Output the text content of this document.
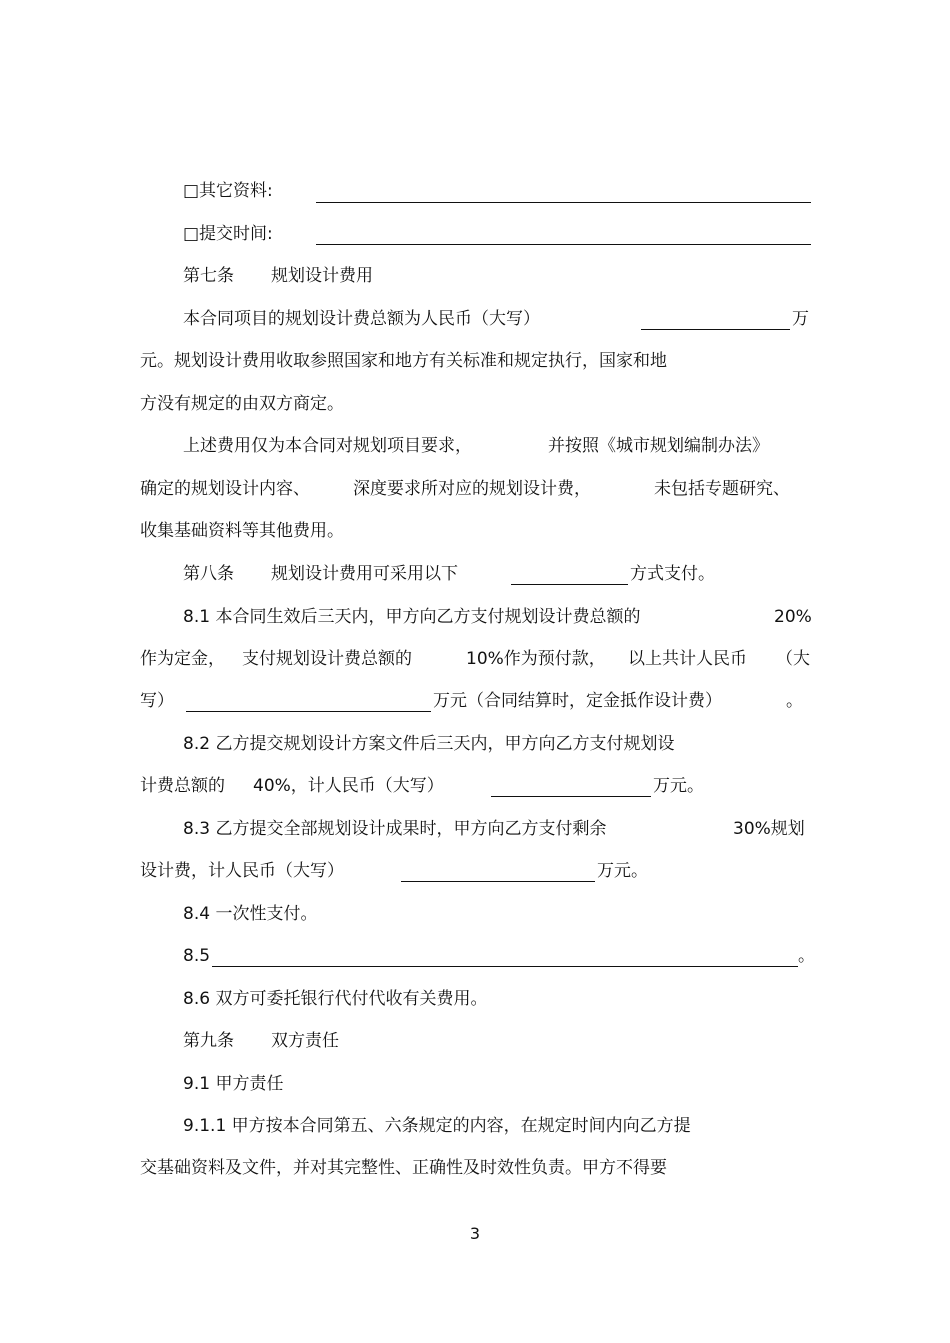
□其它资料:
□提交时间:
第七条 规划设计费用
本合同项目的规划设计费总额为人民币（大写）	万
元。规划设计费用收取参照国家和地方有关标准和规定执行，国家和地
方没有规定的由双方商定。
上述费用仅为本合同对规划项目要求，	并按照《城市规划编制办法》
确定的规划设计内容、	深度要求所对应的规划设计费，	未包括专题研究、
收集基础资料等其他费用。
第八条 规划设计费用可采用以下	方式支付。
8.1 本合同生效后三天内，甲方向乙方支付规划设计费总额的	20%
作为定金， 支付规划设计费总额的	10%作为预付款， 以上共计人民币 （大
写）	万元（合同结算时，定金抵作设计费）	。
8.2 乙方提交规划设计方案文件后三天内，甲方向乙方支付规划设
计费总额的 40%，计人民币（大写）	万元。
8.3 乙方提交全部规划设计成果时，甲方向乙方支付剩余	30%规划
设计费，计人民币（大写）	万元。
8.4 一次性支付。
8.5	。
8.6 双方可委托银行代付代收有关费用。
第九条 双方责任
9.1 甲方责任
9.1.1 甲方按本合同第五、六条规定的内容，在规定时间内向乙方提
交基础资料及文件，并对其完整性、正确性及时效性负责。甲方不得要
3
